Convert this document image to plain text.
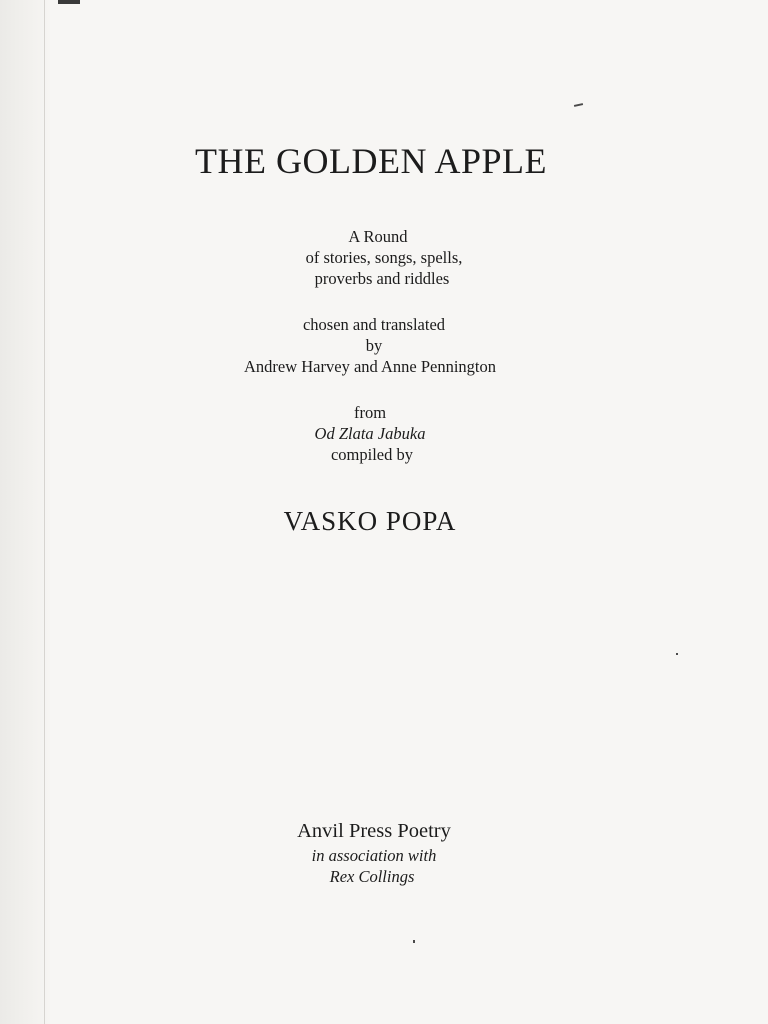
THE GOLDEN APPLE
A Round
of stories, songs, spells,
proverbs and riddles
chosen and translated
by
Andrew Harvey and Anne Pennington
from
Od Zlata Jabuka
compiled by
VASKO POPA
Anvil Press Poetry
in association with
Rex Collings
